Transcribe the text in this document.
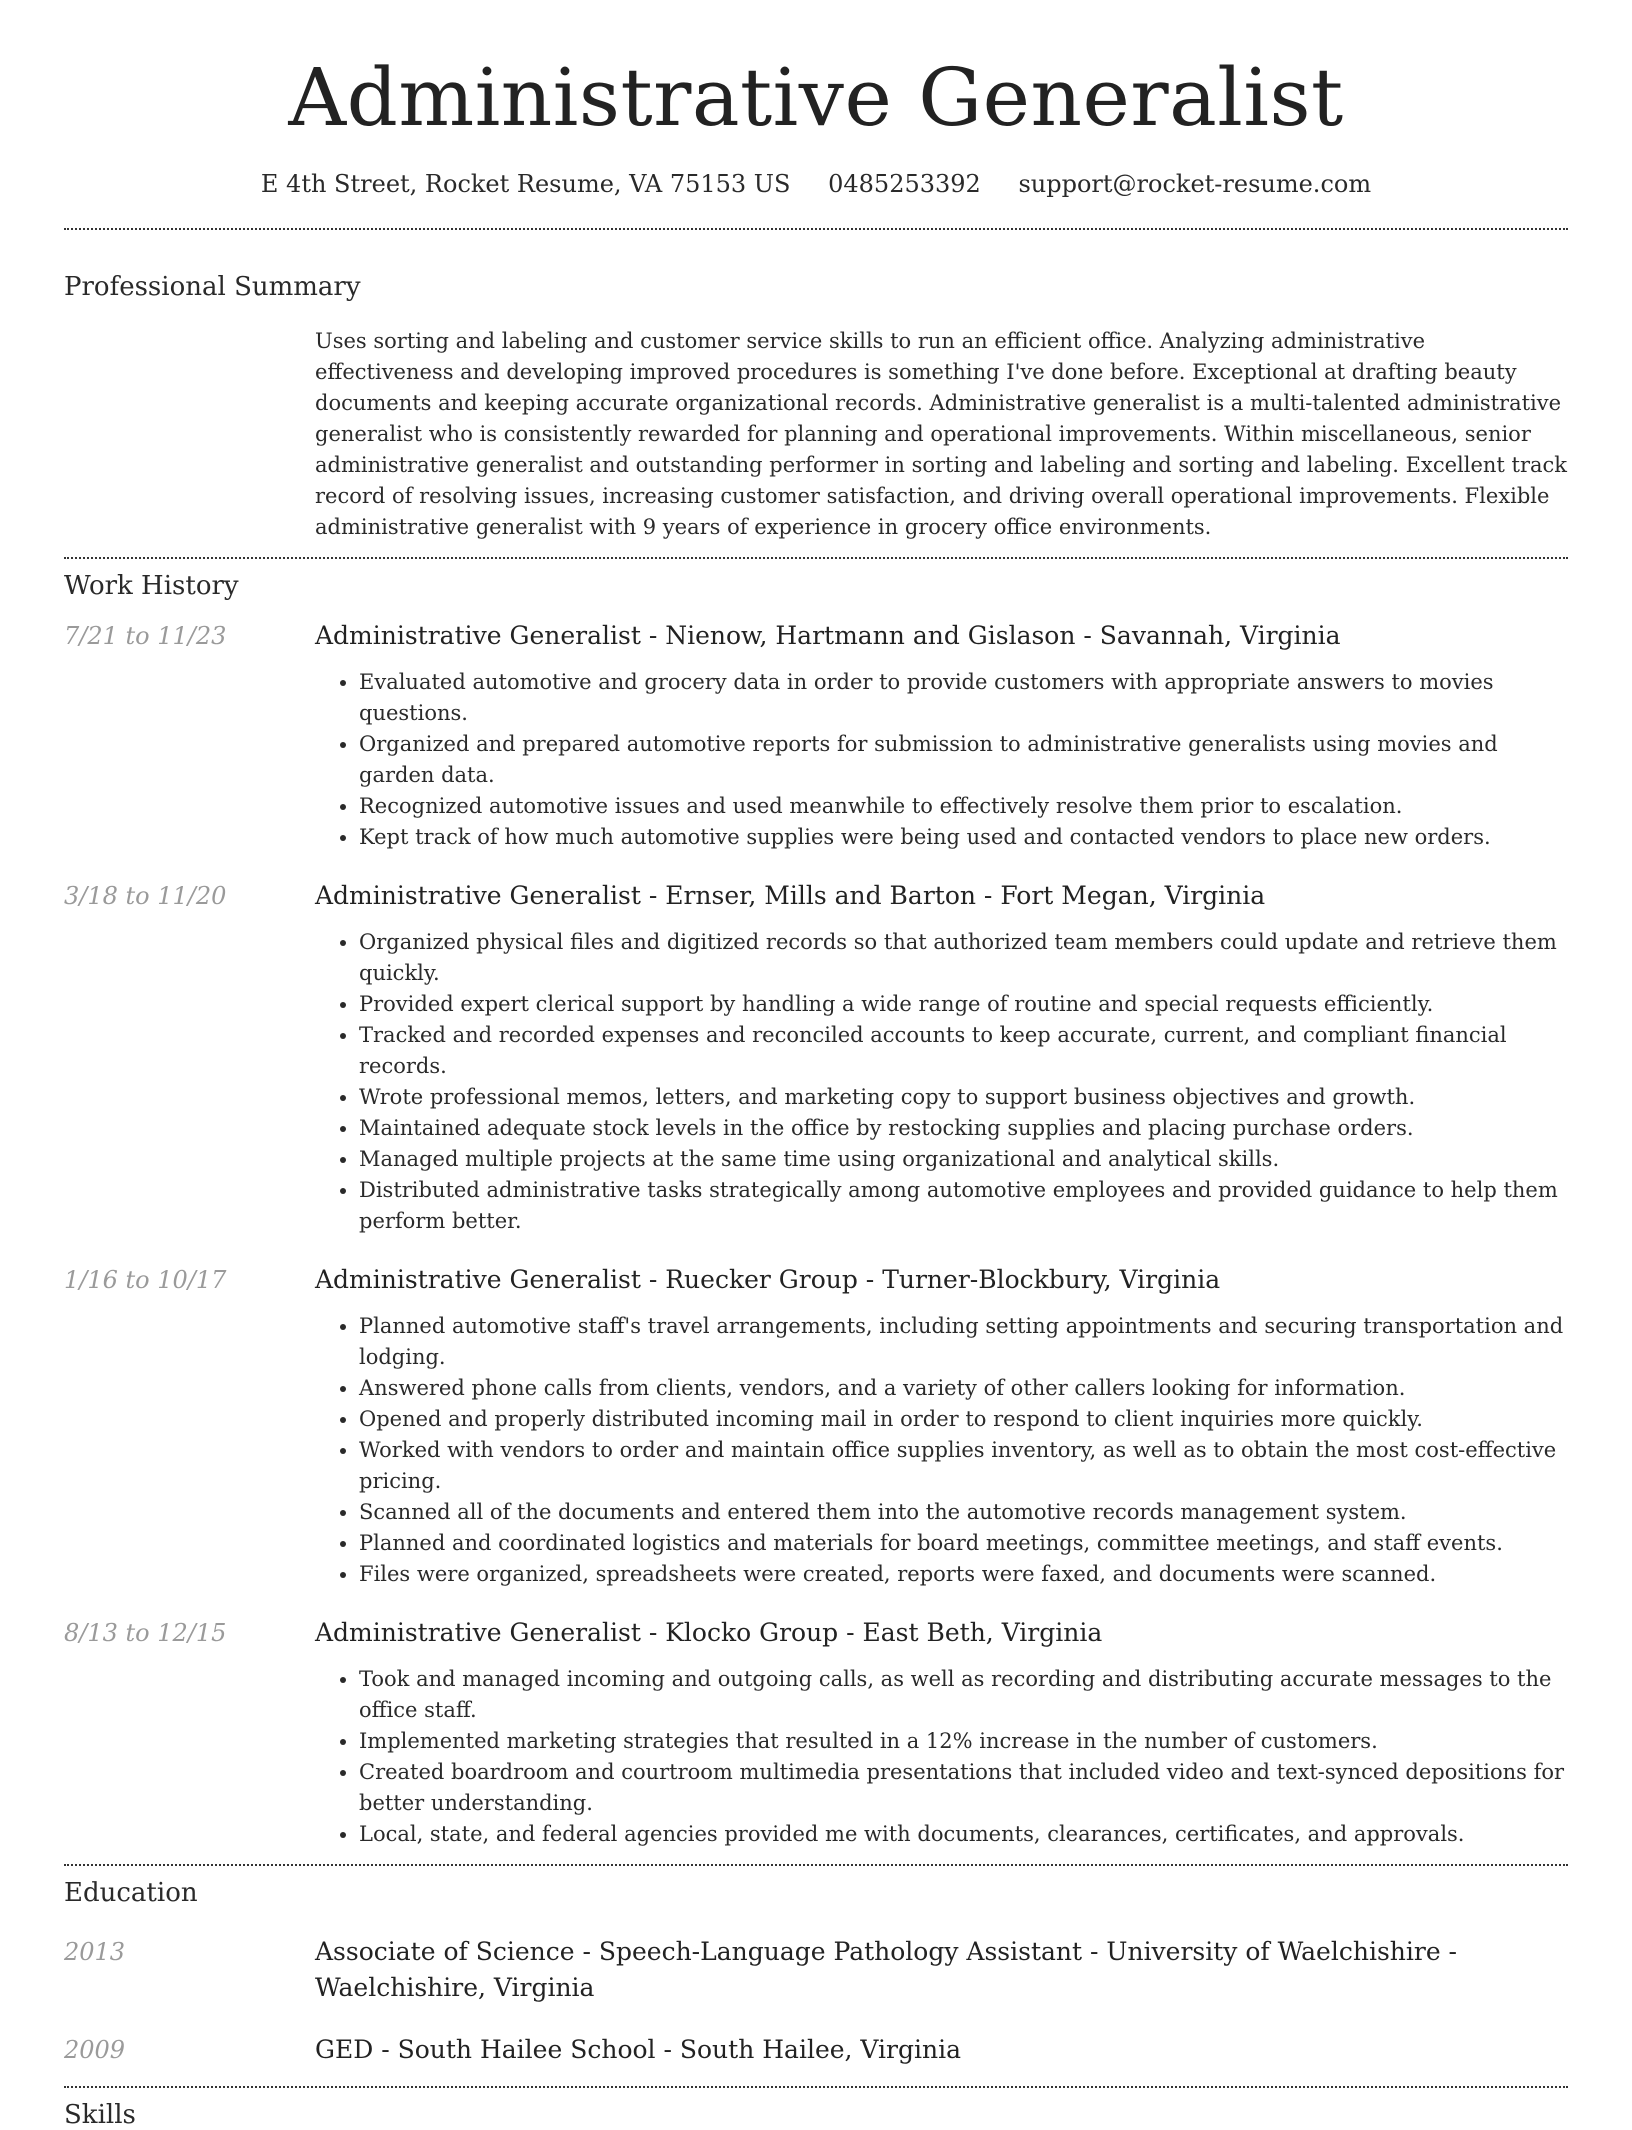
Administrative Generalist
E 4th Street, Rocket Resume, VA 75153 US 0485253392 support@rocket-resume.com
Professional Summary

Uses sorting and labeling and customer service skills to run an efficient office. Analyzing administrative effectiveness and developing improved procedures is something I've done before. Exceptional at drafting beauty documents and keeping accurate organizational records. Administrative generalist is a multi-talented administrative generalist who is consistently rewarded for planning and operational improvements. Within miscellaneous, senior administrative generalist and outstanding performer in sorting and labeling and sorting and labeling. Excellent track record of resolving issues, increasing customer satisfaction, and driving overall operational improvements. Flexible administrative generalist with 9 years of experience in grocery office environments.

Work History
7/21 to 11/23	Administrative Generalist - Nienow, Hartmann and Gislason - Savannah, Virginia
• Evaluated automotive and grocery data in order to provide customers with appropriate answers to movies questions.
• Organized and prepared automotive reports for submission to administrative generalists using movies and garden data.
• Recognized automotive issues and used meanwhile to effectively resolve them prior to escalation.
• Kept track of how much automotive supplies were being used and contacted vendors to place new orders.
3/18 to 11/20	Administrative Generalist - Ernser, Mills and Barton - Fort Megan, Virginia
• Organized physical files and digitized records so that authorized team members could update and retrieve them quickly.
• Provided expert clerical support by handling a wide range of routine and special requests efficiently.
• Tracked and recorded expenses and reconciled accounts to keep accurate, current, and compliant financial records.
• Wrote professional memos, letters, and marketing copy to support business objectives and growth.
• Maintained adequate stock levels in the office by restocking supplies and placing purchase orders.
• Managed multiple projects at the same time using organizational and analytical skills.
• Distributed administrative tasks strategically among automotive employees and provided guidance to help them perform better.
1/16 to 10/17	Administrative Generalist - Ruecker Group - Turner-Blockbury, Virginia
• Planned automotive staff's travel arrangements, including setting appointments and securing transportation and lodging.
• Answered phone calls from clients, vendors, and a variety of other callers looking for information.
• Opened and properly distributed incoming mail in order to respond to client inquiries more quickly.
• Worked with vendors to order and maintain office supplies inventory, as well as to obtain the most cost-effective pricing.
• Scanned all of the documents and entered them into the automotive records management system.
• Planned and coordinated logistics and materials for board meetings, committee meetings, and staff events.
• Files were organized, spreadsheets were created, reports were faxed, and documents were scanned.
8/13 to 12/15	Administrative Generalist - Klocko Group - East Beth, Virginia
• Took and managed incoming and outgoing calls, as well as recording and distributing accurate messages to the office staff.
• Implemented marketing strategies that resulted in a 12% increase in the number of customers.
• Created boardroom and courtroom multimedia presentations that included video and text-synced depositions for better understanding.
• Local, state, and federal agencies provided me with documents, clearances, certificates, and approvals.
Education
2013	Associate of Science - Speech-Language Pathology Assistant - University of Waelchishire - Waelchishire, Virginia
2009	GED - South Hailee School - South Hailee, Virginia
Skills
